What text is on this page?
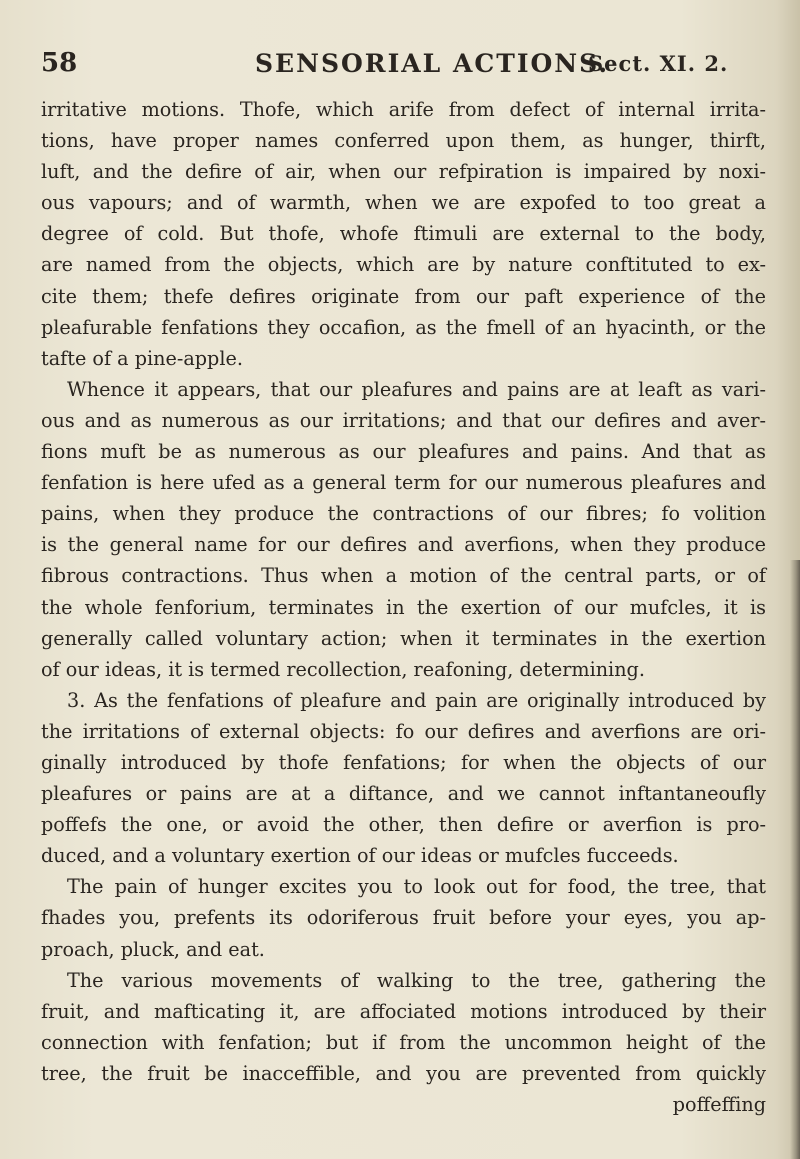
58	SENSORIAL ACTIONS.
Sect. XI. 2.
irritative motions. Thofe, which arife from defect of internal irrita-
tions, have proper names conferred upon them, as hunger, thirft,
luft, and the defire of air, when our refpiration is impaired by noxi-
ous vapours; and of warmth, when we are expofed to too great a
degree of cold. But thofe, whofe ftimuli are external to the body,
are named from the objects, which are by nature conftituted to ex-
cite them; thefe defires originate from our paft experience of the
pleafurable fenfations they occafion, as the fmell of an hyacinth, or the
tafte of a pine-apple.
Whence it appears, that our pleafures and pains are at leaft as vari-
ous and as numerous as our irritations; and that our defires and aver-
fions muft be as numerous as our pleafures and pains. And that as
fenfation is here ufed as a general term for our numerous pleafures and
pains, when they produce the contractions of our fibres; fo volition
is the general name for our defires and averfions, when they produce
fibrous contractions. Thus when a motion of the central parts, or of
the whole fenforium, terminates in the exertion of our mufcles, it is
generally called voluntary action; when it terminates in the exertion
of our ideas, it is termed recollection, reafoning, determining.
3. As the fenfations of pleafure and pain are originally introduced by
the irritations of external objects: fo our defires and averfions are ori-
ginally introduced by thofe fenfations; for when the objects of our
pleafures or pains are at a diftance, and we cannot inftantaneoufly
poffefs the one, or avoid the other, then defire or averfion is pro-
duced, and a voluntary exertion of our ideas or mufcles fucceeds.
The pain of hunger excites you to look out for food, the tree, that
fhades you, prefents its odoriferous fruit before your eyes, you ap-
proach, pluck, and eat.
The various movements of walking to the tree, gathering the
fruit, and mafticating it, are affociated motions introduced by their
connection with fenfation; but if from the uncommon height of the
tree, the fruit be inacceffible, and you are prevented from quickly
poffeffing
